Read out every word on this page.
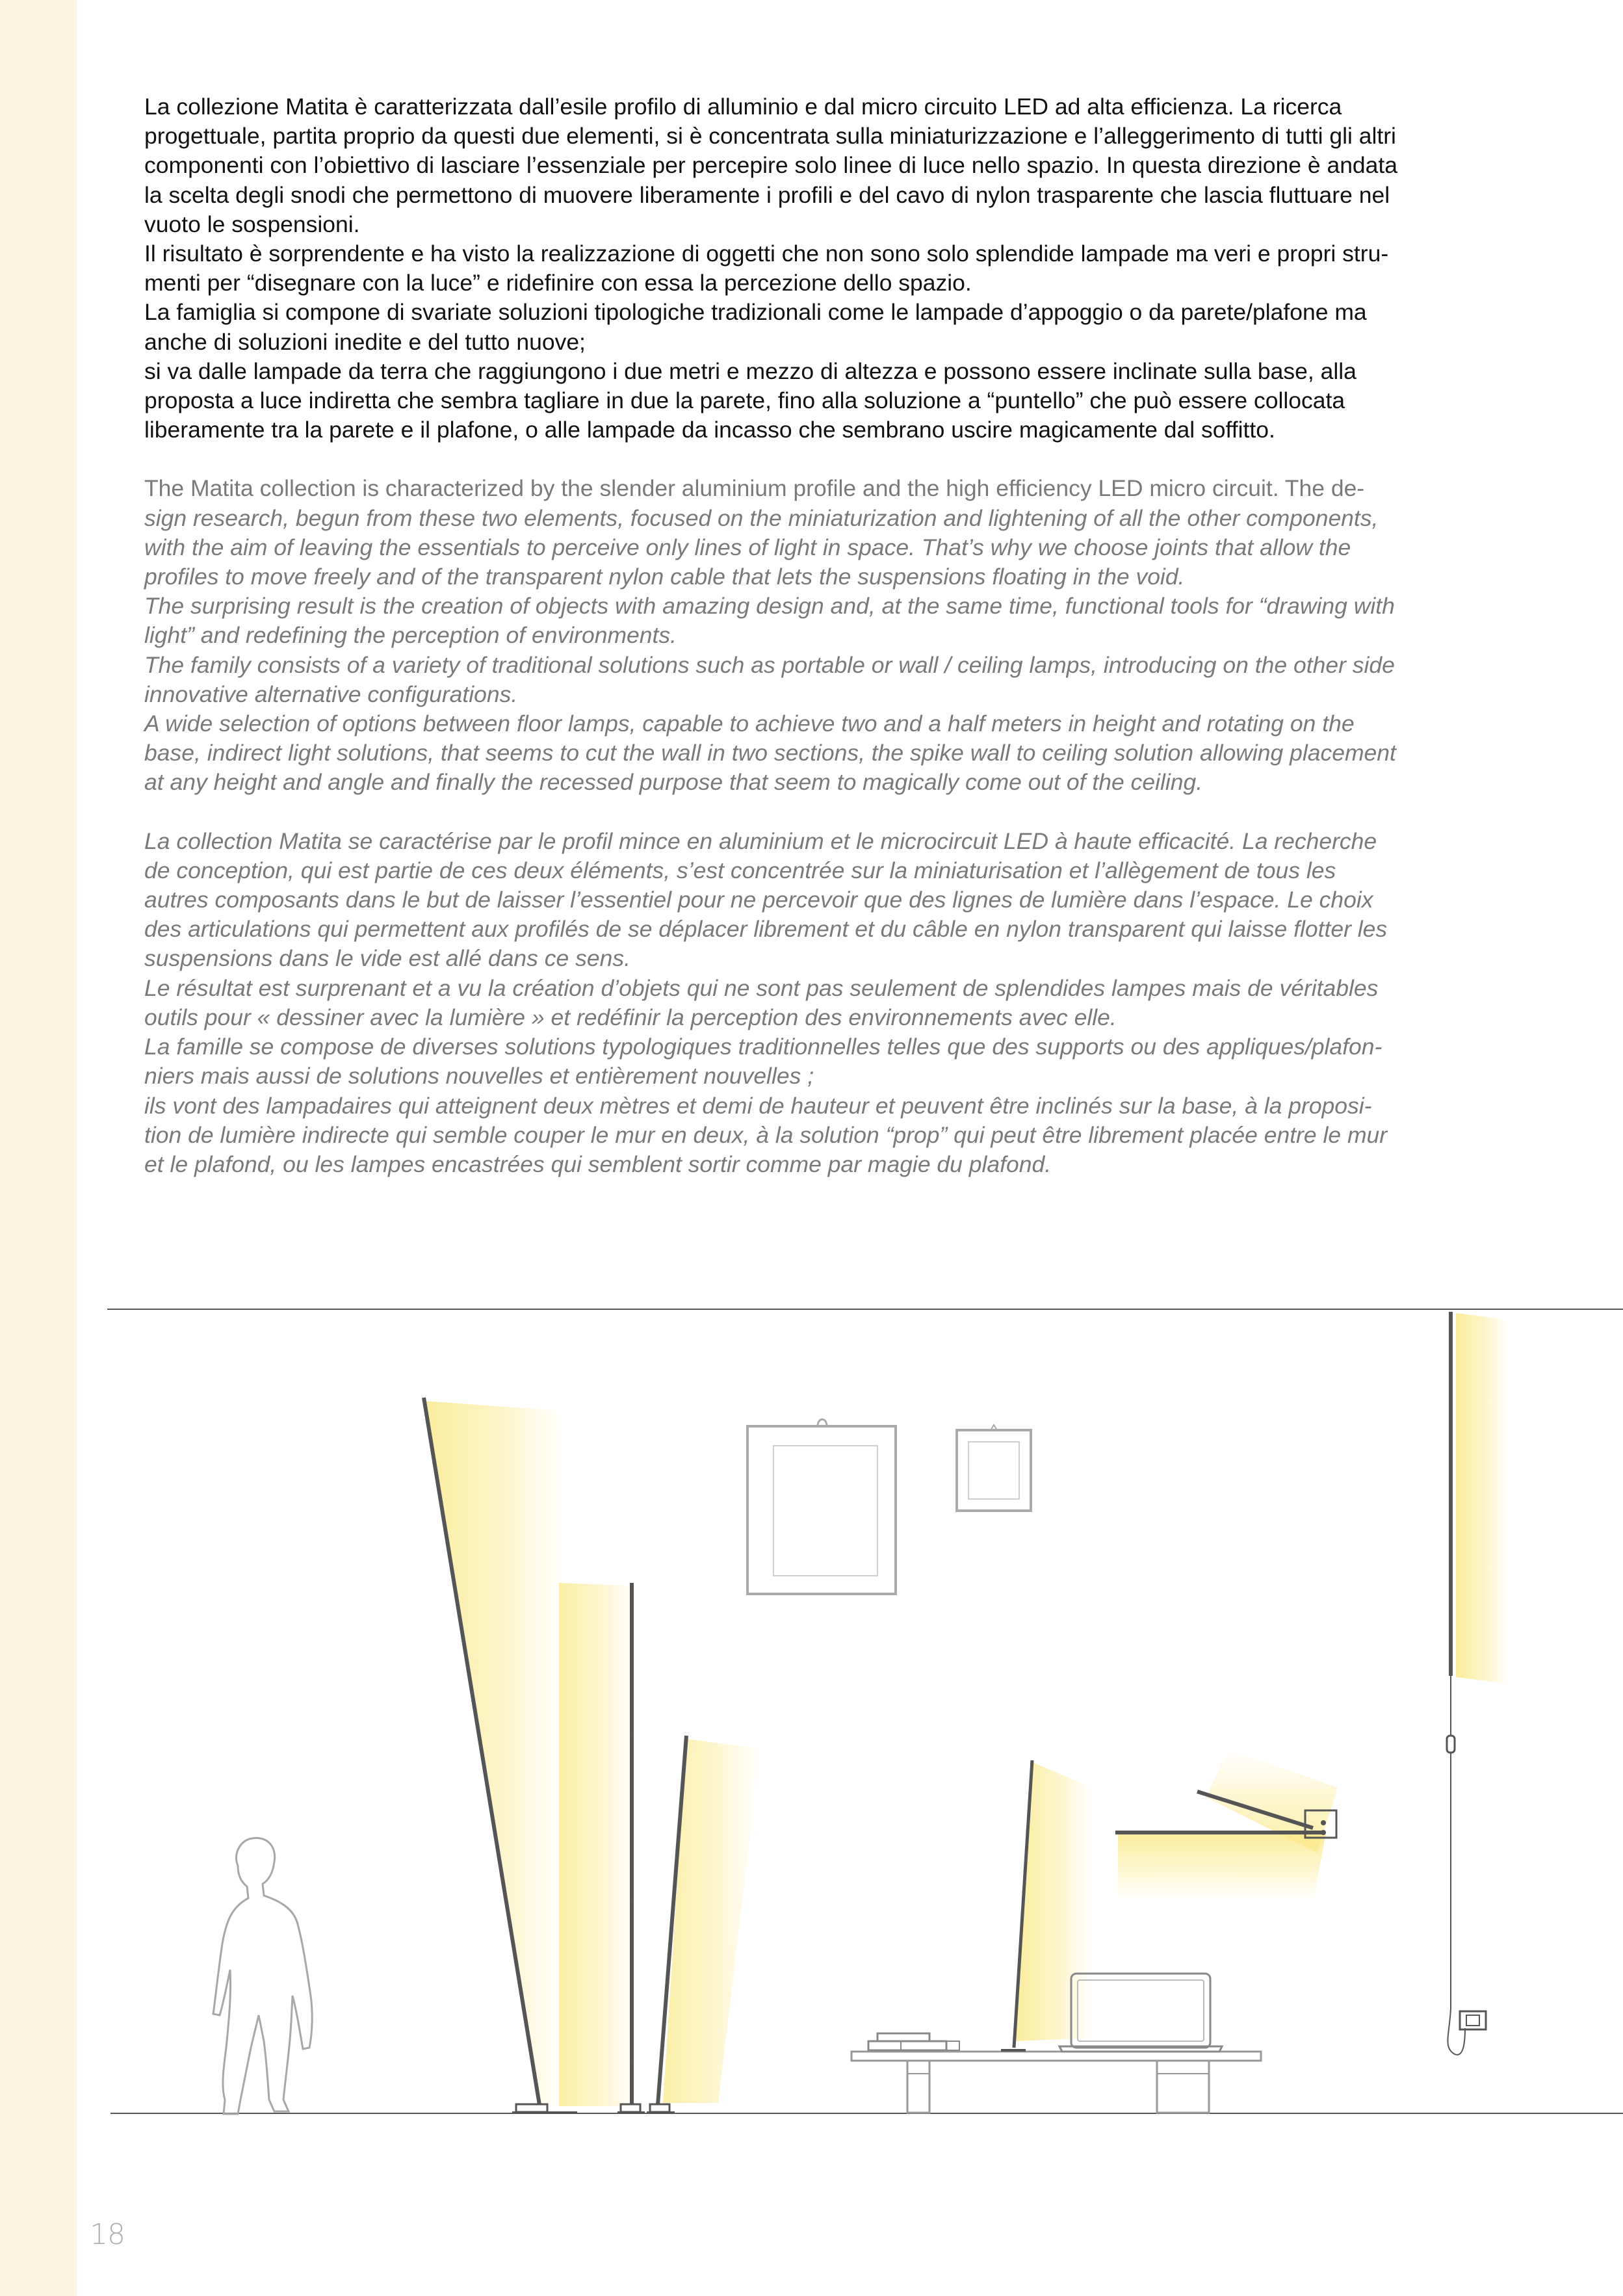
La collezione Matita è caratterizzata dall’esile profilo di alluminio e dal micro circuito LED ad alta efficienza. La ricerca

progettuale, partita proprio da questi due elementi, si è concentrata sulla miniaturizzazione e l’alleggerimento di tutti gli altri

componenti con l’obiettivo di lasciare l’essenziale per percepire solo linee di luce nello spazio. In questa direzione è andata

la scelta degli snodi che permettono di muovere liberamente i profili e del cavo di nylon trasparente che lascia fluttuare nel

vuoto le sospensioni.

Il risultato è sorprendente e ha visto la realizzazione di oggetti che non sono solo splendide lampade ma veri e propri stru-

menti per “disegnare con la luce” e ridefinire con essa la percezione dello spazio.

La famiglia si compone di svariate soluzioni tipologiche tradizionali come le lampade d’appoggio o da parete/plafone ma

anche di soluzioni inedite e del tutto nuove;

si va dalle lampade da terra che raggiungono i due metri e mezzo di altezza e possono essere inclinate sulla base, alla

proposta a luce indiretta che sembra tagliare in due la parete, fino alla soluzione a “puntello” che può essere collocata

liberamente tra la parete e il plafone, o alle lampade da incasso che sembrano uscire magicamente dal soffitto.

The Matita collection is characterized by the slender aluminium profile and the high efficiency LED micro circuit. The de-

sign research, begun from these two elements, focused on the miniaturization and lightening of all the other components,

with the aim of leaving the essentials to perceive only lines of light in space. That’s why we choose joints that allow the

profiles to move freely and of the transparent nylon cable that lets the suspensions floating in the void.

The surprising result is the creation of objects with amazing design and, at the same time, functional tools for “drawing with

light” and redefining the perception of environments.

The family consists of a variety of traditional solutions such as portable or wall / ceiling lamps, introducing on the other side

innovative alternative configurations.

A wide selection of options between floor lamps, capable to achieve two and a half meters in height and rotating on the

base, indirect light solutions, that seems to cut the wall in two sections, the spike wall to ceiling solution allowing placement

at any height and angle and finally the recessed purpose that seem to magically come out of the ceiling.

La collection Matita se caractérise par le profil mince en aluminium et le microcircuit LED à haute efficacité. La recherche

de conception, qui est partie de ces deux éléments, s’est concentrée sur la miniaturisation et l’allègement de tous les

autres composants dans le but de laisser l’essentiel pour ne percevoir que des lignes de lumière dans l’espace. Le choix

des articulations qui permettent aux profilés de se déplacer librement et du câble en nylon transparent qui laisse flotter les

suspensions dans le vide est allé dans ce sens.

Le résultat est surprenant et a vu la création d’objets qui ne sont pas seulement de splendides lampes mais de véritables

outils pour « dessiner avec la lumière » et redéfinir la perception des environnements avec elle.

La famille se compose de diverses solutions typologiques traditionnelles telles que des supports ou des appliques/plafon-

niers mais aussi de solutions nouvelles et entièrement nouvelles ;

ils vont des lampadaires qui atteignent deux mètres et demi de hauteur et peuvent être inclinés sur la base, à la proposi-

tion de lumière indirecte qui semble couper le mur en deux, à la solution “prop” qui peut être librement placée entre le mur

et le plafond, ou les lampes encastrées qui semblent sortir comme par magie du plafond.

18
